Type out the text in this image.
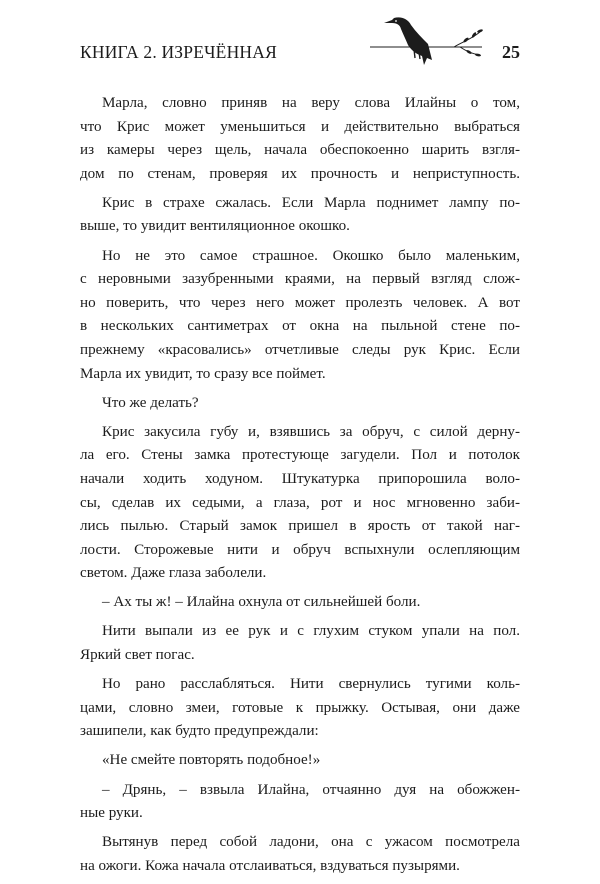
КНИГА 2. ИЗРЕЧЁННАЯ	25
Марла, словно приняв на веру слова Илайны о том,
что Крис может уменьшиться и действительно выбраться
из камеры через щель, начала обеспокоенно шарить взгля-
дом по стенам, проверяя их прочность и неприступность.
Крис в страхе сжалась. Если Марла поднимет лампу по-
выше, то увидит вентиляционное окошко.
Но не это самое страшное. Окошко было маленьким,
с неровными зазубренными краями, на первый взгляд слож-
но поверить, что через него может пролезть человек. А вот
в нескольких сантиметрах от окна на пыльной стене по-
прежнему «красовались» отчетливые следы рук Крис. Если
Марла их увидит, то сразу все поймет.
Что же делать?
Крис закусила губу и, взявшись за обруч, с силой дерну-
ла его. Стены замка протестующе загудели. Пол и потолок
начали ходить ходуном. Штукатурка припорошила воло-
сы, сделав их седыми, а глаза, рот и нос мгновенно заби-
лись пылью. Старый замок пришел в ярость от такой наг-
лости. Сторожевые нити и обруч вспыхнули ослепляющим
светом. Даже глаза заболели.
– Ах ты ж! – Илайна охнула от сильнейшей боли.
Нити выпали из ее рук и с глухим стуком упали на пол.
Яркий свет погас.
Но рано расслабляться. Нити свернулись тугими коль-
цами, словно змеи, готовые к прыжку. Остывая, они даже
зашипели, как будто предупреждали:
«Не смейте повторять подобное!»
– Дрянь, – взвыла Илайна, отчаянно дуя на обожжен-
ные руки.
Вытянув перед собой ладони, она с ужасом посмотрела
на ожоги. Кожа начала отслаиваться, вздуваться пузырями.
